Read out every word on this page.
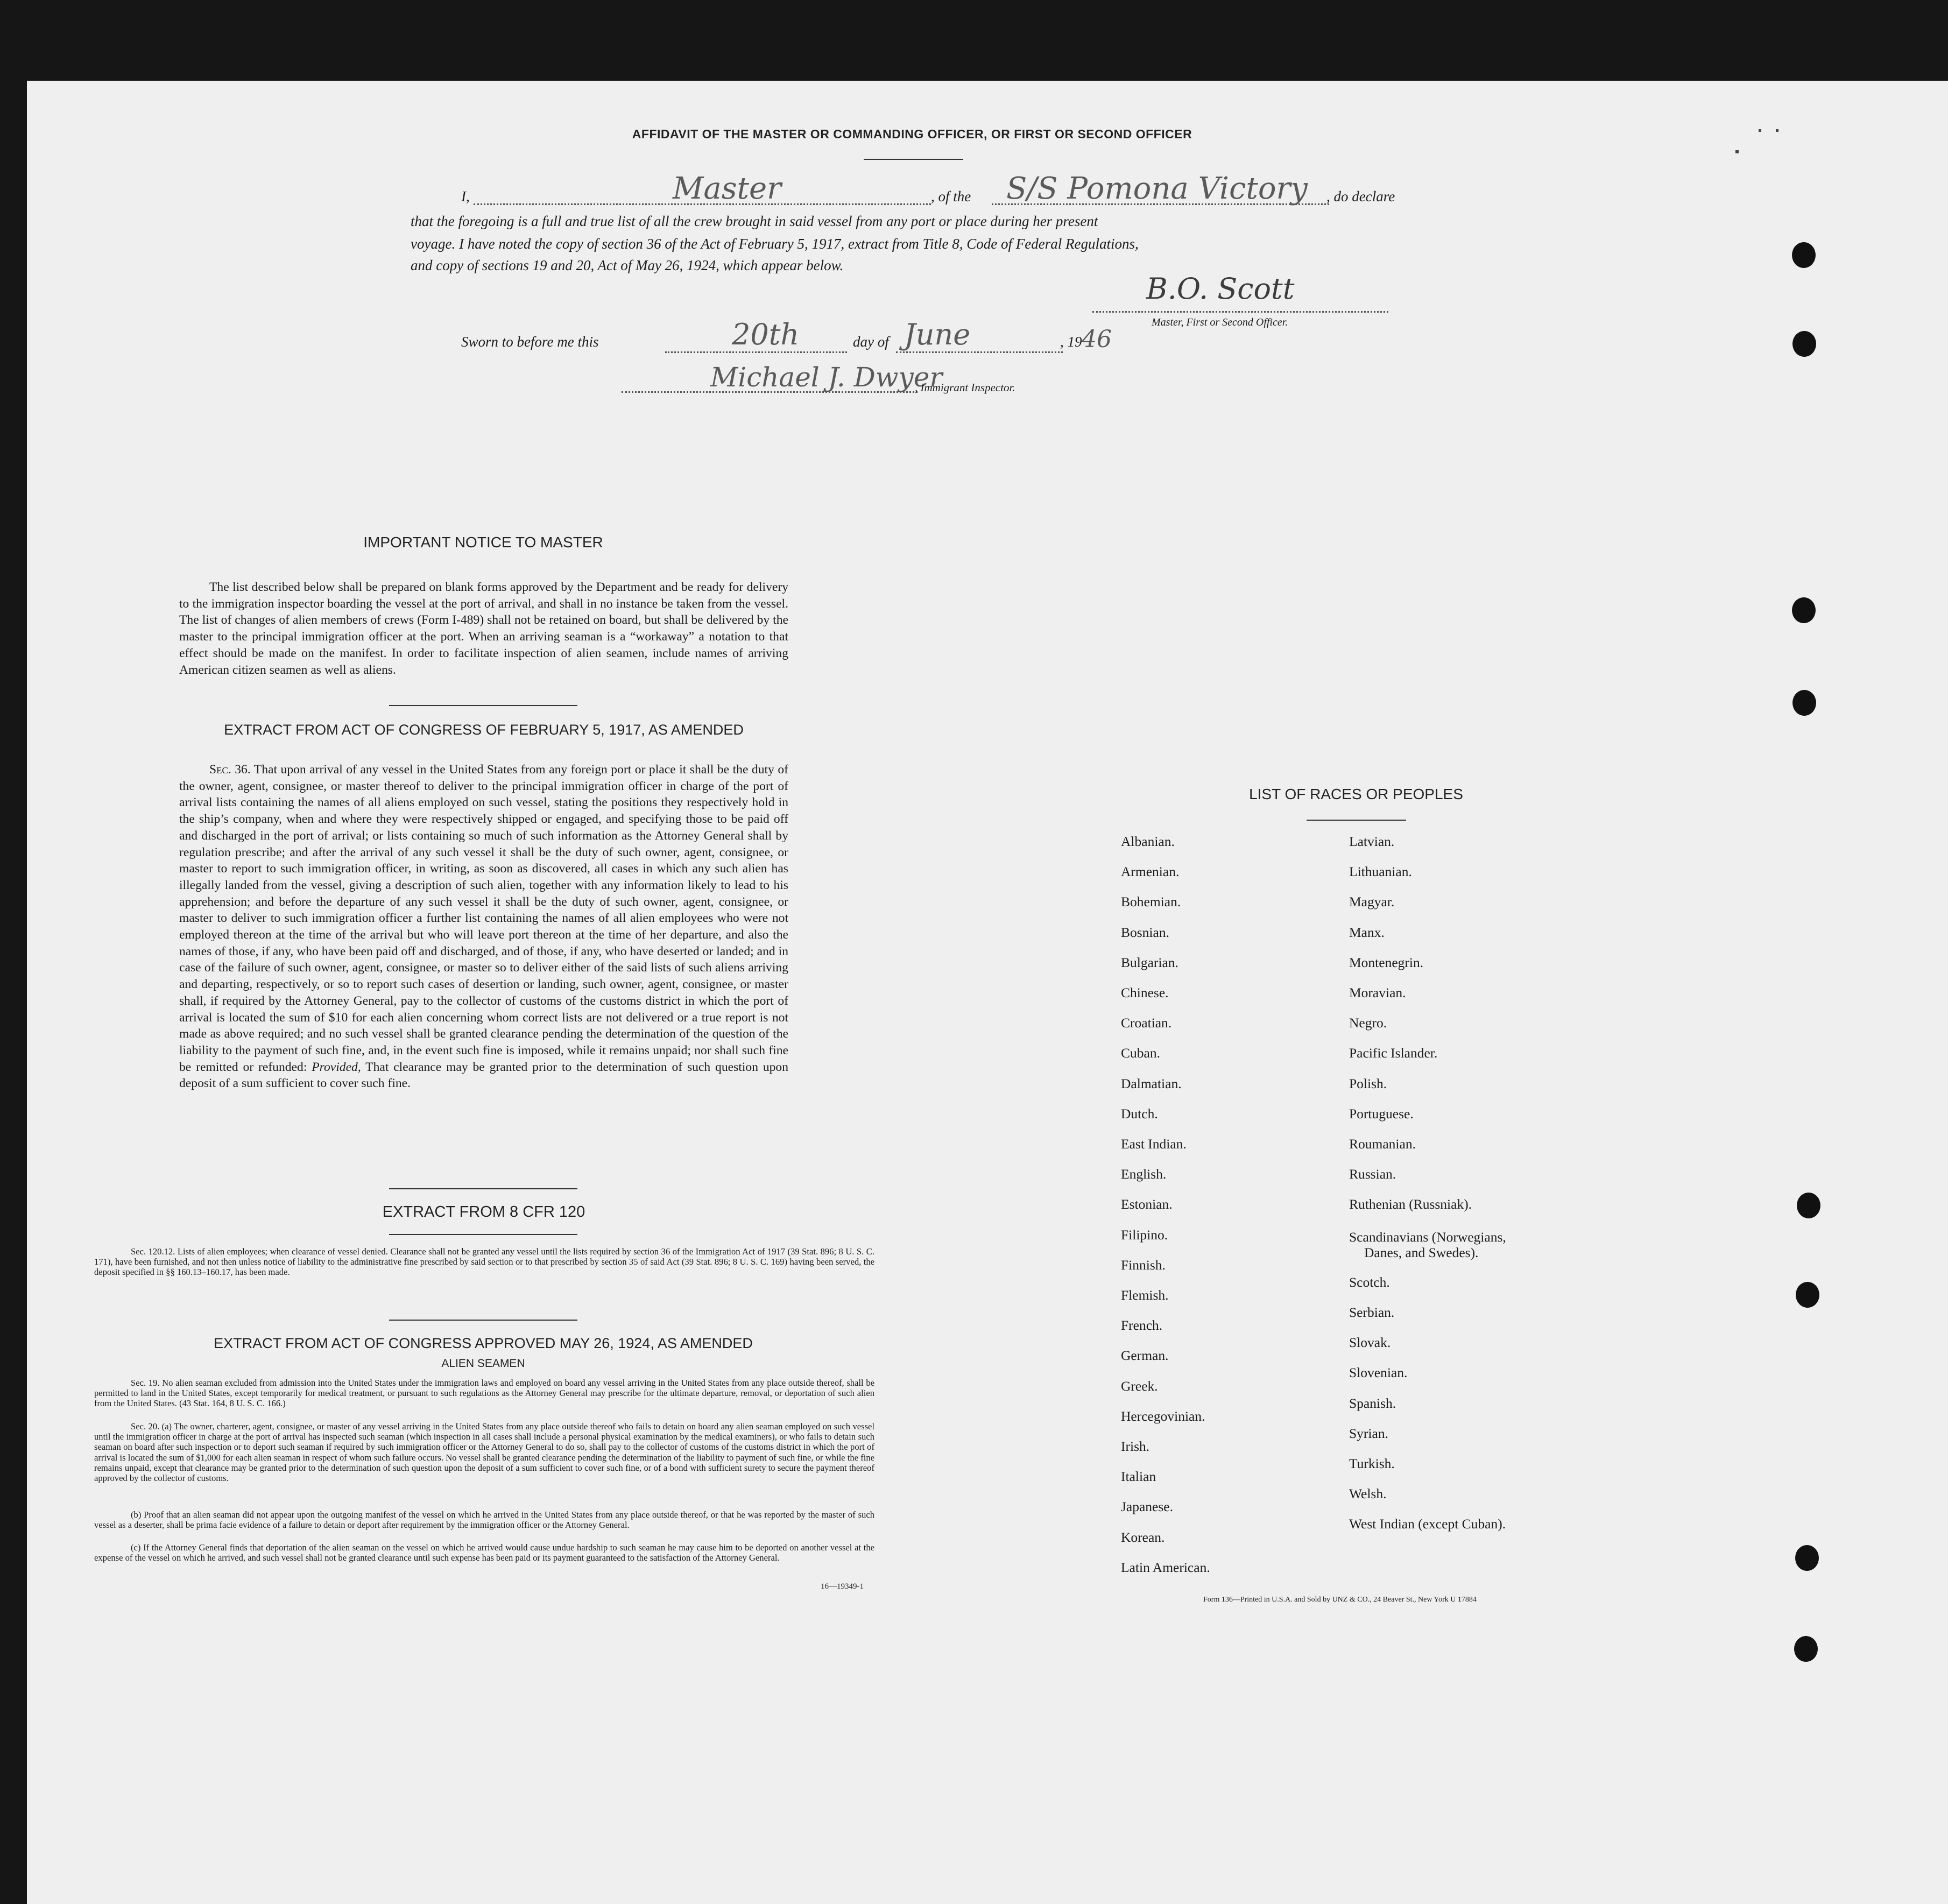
AFFIDAVIT OF THE MASTER OR COMMANDING OFFICER, OR FIRST OR SECOND OFFICER
I,	Master	, of the S/S Pomona Victory , do declare
that the foregoing is a full and true list of all the crew brought in said vessel from any port or place during her present
voyage. I have noted the copy of section 36 of the Act of February 5, 1917, extract from Title 8, Code of Federal Regulations,
and copy of sections 19 and 20, Act of May 26, 1924, which appear below.
B.O. Scott
Master, First or Second Officer.
Sworn to before me this	20th	day of June	, 19 46
Michael J. Dwyer
, Immigrant Inspector.
IMPORTANT NOTICE TO MASTER
The list described below shall be prepared on blank forms approved by the Department and be ready for delivery to the immigration inspector boarding the vessel at the port of arrival, and shall in no instance be taken from the vessel. The list of changes of alien members of crews (Form I-489) shall not be retained on board, but shall be delivered by the master to the principal immigration officer at the port. When an arriving seaman is a “workaway” a notation to that effect should be made on the manifest. In order to facilitate inspection of alien seamen, include names of arriving American citizen seamen as well as aliens.
EXTRACT FROM ACT OF CONGRESS OF FEBRUARY 5, 1917, AS AMENDED
Sec. 36. That upon arrival of any vessel in the United States from any foreign port or place it shall be the duty of the owner, agent, consignee, or master thereof to deliver to the principal immigration officer in charge of the port of arrival lists containing the names of all aliens employed on such vessel, stating the positions they respectively hold in the ship’s company, when and where they were respectively shipped or engaged, and specifying those to be paid off and discharged in the port of arrival; or lists containing so much of such information as the Attorney General shall by regulation prescribe; and after the arrival of any such vessel it shall be the duty of such owner, agent, consignee, or master to report to such immigration officer, in writing, as soon as discovered, all cases in which any such alien has illegally landed from the vessel, giving a description of such alien, together with any information likely to lead to his apprehension; and before the departure of any such vessel it shall be the duty of such owner, agent, consignee, or master to deliver to such immigration officer a further list containing the names of all alien employees who were not employed thereon at the time of the arrival but who will leave port thereon at the time of her departure, and also the names of those, if any, who have been paid off and discharged, and of those, if any, who have deserted or landed; and in case of the failure of such owner, agent, consignee, or master so to deliver either of the said lists of such aliens arriving and departing, respectively, or so to report such cases of desertion or landing, such owner, agent, consignee, or master shall, if required by the Attorney General, pay to the collector of customs of the customs district in which the port of arrival is located the sum of $10 for each alien concerning whom correct lists are not delivered or a true report is not made as above required; and no such vessel shall be granted clearance pending the determination of the question of the liability to the payment of such fine, and, in the event such fine is imposed, while it remains unpaid; nor shall such fine be remitted or refunded: Provided, That clearance may be granted prior to the determination of such question upon deposit of a sum sufficient to cover such fine.
EXTRACT FROM 8 CFR 120
Sec. 120.12. Lists of alien employees; when clearance of vessel denied. Clearance shall not be granted any vessel until the lists required by section 36 of the Immigration Act of 1917 (39 Stat. 896; 8 U. S. C. 171), have been furnished, and not then unless notice of liability to the administrative fine prescribed by said section or to that prescribed by section 35 of said Act (39 Stat. 896; 8 U. S. C. 169) having been served, the deposit specified in §§ 160.13–160.17, has been made.
EXTRACT FROM ACT OF CONGRESS APPROVED MAY 26, 1924, AS AMENDED
ALIEN SEAMEN
Sec. 19. No alien seaman excluded from admission into the United States under the immigration laws and employed on board any vessel arriving in the United States from any place outside thereof, shall be permitted to land in the United States, except temporarily for medical treatment, or pursuant to such regulations as the Attorney General may prescribe for the ultimate departure, removal, or deportation of such alien from the United States. (43 Stat. 164, 8 U. S. C. 166.)
Sec. 20. (a) The owner, charterer, agent, consignee, or master of any vessel arriving in the United States from any place outside thereof who fails to detain on board any alien seaman employed on such vessel until the immigration officer in charge at the port of arrival has inspected such seaman (which inspection in all cases shall include a personal physical examination by the medical examiners), or who fails to detain such seaman on board after such inspection or to deport such seaman if required by such immigration officer or the Attorney General to do so, shall pay to the collector of customs of the customs district in which the port of arrival is located the sum of $1,000 for each alien seaman in respect of whom such failure occurs. No vessel shall be granted clearance pending the determination of the liability to payment of such fine, or while the fine remains unpaid, except that clearance may be granted prior to the determination of such question upon the deposit of a sum sufficient to cover such fine, or of a bond with sufficient surety to secure the payment thereof approved by the collector of customs.
(b) Proof that an alien seaman did not appear upon the outgoing manifest of the vessel on which he arrived in the United States from any place outside thereof, or that he was reported by the master of such vessel as a deserter, shall be prima facie evidence of a failure to detain or deport after requirement by the immigration officer or the Attorney General.
(c) If the Attorney General finds that deportation of the alien seaman on the vessel on which he arrived would cause undue hardship to such seaman he may cause him to be deported on another vessel at the expense of the vessel on which he arrived, and such vessel shall not be granted clearance until such expense has been paid or its payment guaranteed to the satisfaction of the Attorney General.
16—19349-1
LIST OF RACES OR PEOPLES
Albanian.
Armenian.
Bohemian.
Bosnian.
Bulgarian.
Chinese.
Croatian.
Cuban.
Dalmatian.
Dutch.
East Indian.
English.
Estonian.
Filipino.
Finnish.
Flemish.
French.
German.
Greek.
Hercegovinian.
Irish.
Italian
Japanese.
Korean.
Latin American.
Latvian.
Lithuanian.
Magyar.
Manx.
Montenegrin.
Moravian.
Negro.
Pacific Islander.
Polish.
Portuguese.
Roumanian.
Russian.
Ruthenian (Russniak).
Scandinavians (Norwegians,
Danes, and Swedes).
Scotch.
Serbian.
Slovak.
Slovenian.
Spanish.
Syrian.
Turkish.
Welsh.
West Indian (except Cuban).
Form 136—Printed in U.S.A. and Sold by UNZ & CO., 24 Beaver St., New York U 17884
